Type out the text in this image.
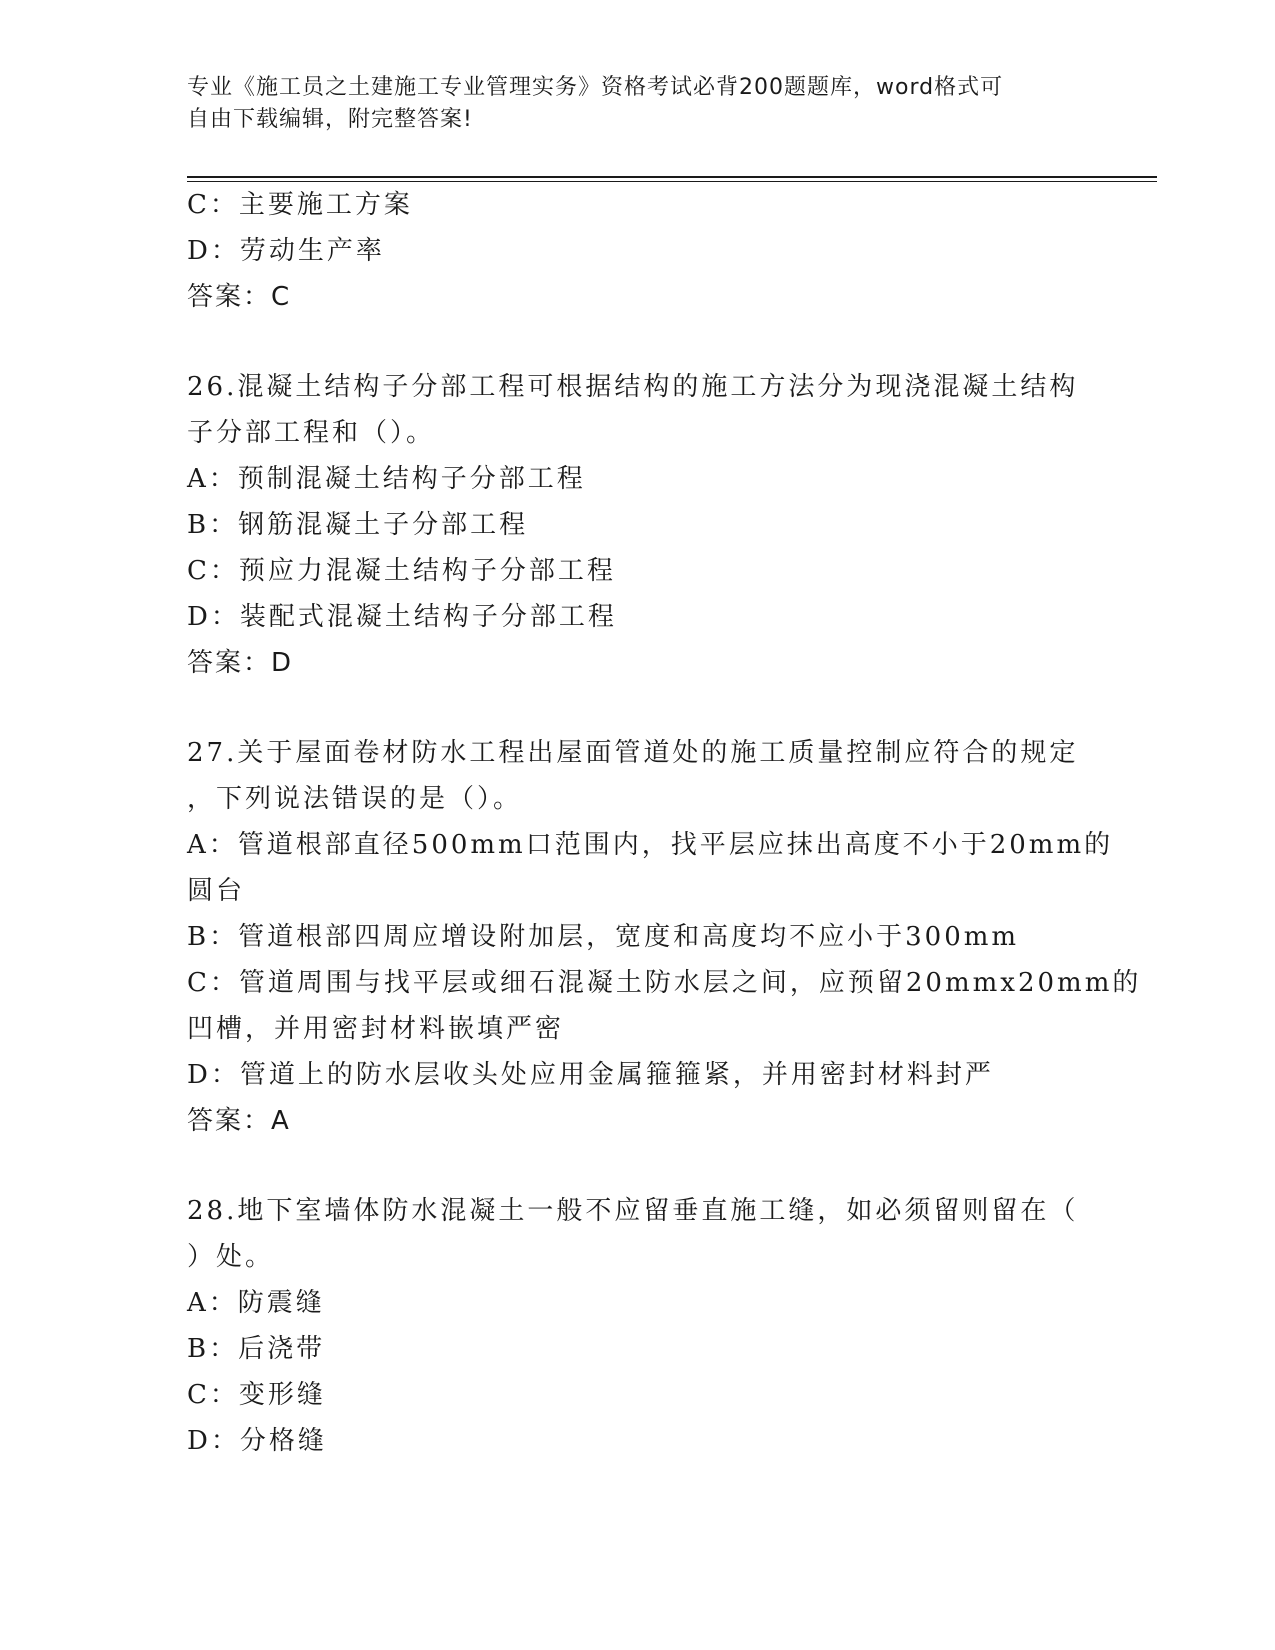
专业《施工员之土建施工专业管理实务》资格考试必背200题题库，word格式可
自由下载编辑，附完整答案!
C：主要施工方案
D：劳动生产率
答案：C
26.混凝土结构子分部工程可根据结构的施工方法分为现浇混凝土结构
子分部工程和（）。
A：预制混凝土结构子分部工程
B：钢筋混凝土子分部工程
C：预应力混凝土结构子分部工程
D：装配式混凝土结构子分部工程
答案：D
27.关于屋面卷材防水工程出屋面管道处的施工质量控制应符合的规定
，下列说法错误的是（）。
A：管道根部直径500mm口范围内，找平层应抹出高度不小于20mm的
圆台
B：管道根部四周应增设附加层，宽度和高度均不应小于300mm
C：管道周围与找平层或细石混凝土防水层之间，应预留20mmx20mm的
凹槽，并用密封材料嵌填严密
D：管道上的防水层收头处应用金属箍箍紧，并用密封材料封严
答案：A
28.地下室墙体防水混凝土一般不应留垂直施工缝，如必须留则留在（
）处。
A：防震缝
B：后浇带
C：变形缝
D：分格缝
